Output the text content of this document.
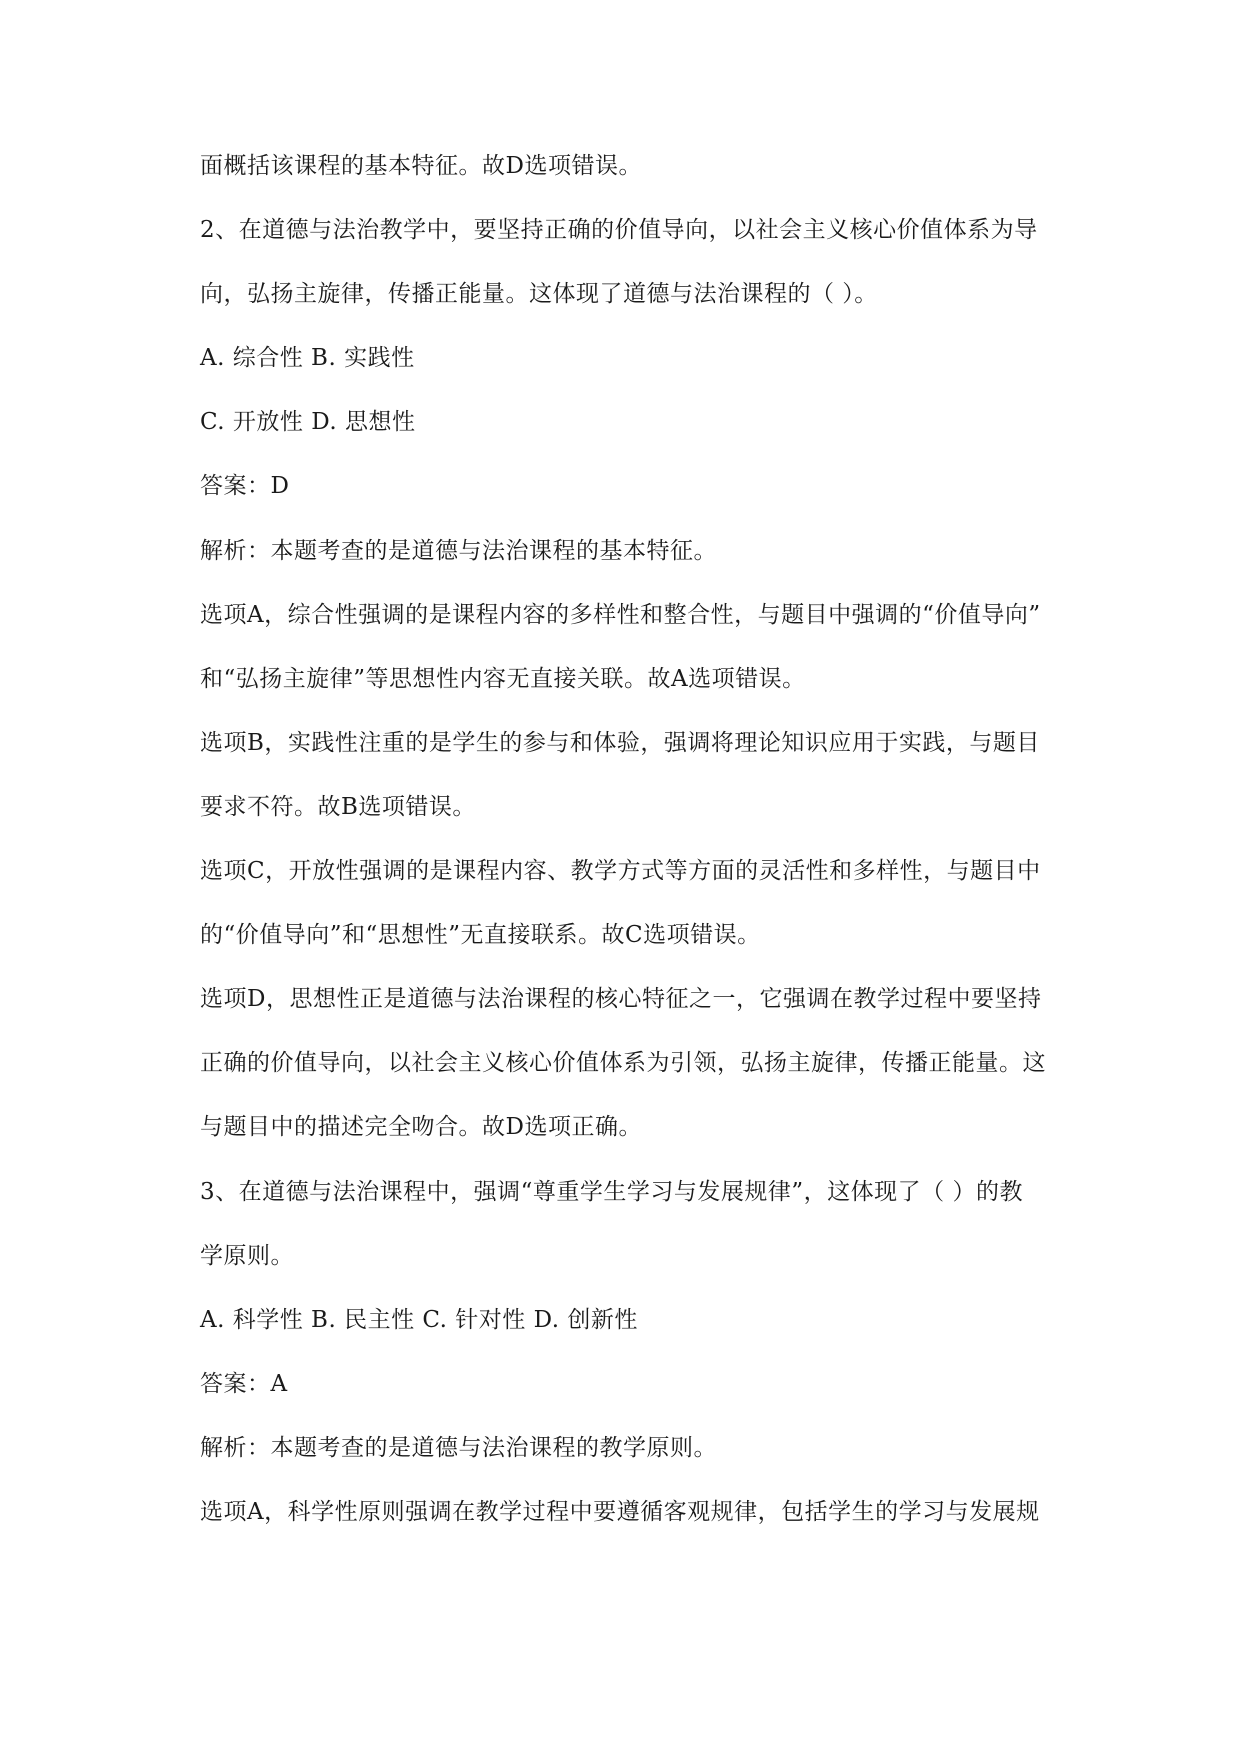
面概括该课程的基本特征。故D选项错误。
2、在道德与法治教学中，要坚持正确的价值导向，以社会主义核心价值体系为导
向，弘扬主旋律，传播正能量。这体现了道德与法治课程的（ ）。
A. 综合性 B. 实践性
C. 开放性 D. 思想性
答案：D
解析：本题考查的是道德与法治课程的基本特征。
选项A，综合性强调的是课程内容的多样性和整合性，与题目中强调的“价值导向”
和“弘扬主旋律”等思想性内容无直接关联。故A选项错误。
选项B，实践性注重的是学生的参与和体验，强调将理论知识应用于实践，与题目
要求不符。故B选项错误。
选项C，开放性强调的是课程内容、教学方式等方面的灵活性和多样性，与题目中
的“价值导向”和“思想性”无直接联系。故C选项错误。
选项D，思想性正是道德与法治课程的核心特征之一，它强调在教学过程中要坚持
正确的价值导向，以社会主义核心价值体系为引领，弘扬主旋律，传播正能量。这
与题目中的描述完全吻合。故D选项正确。
3、在道德与法治课程中，强调“尊重学生学习与发展规律”，这体现了（ ）的教
学原则。
A. 科学性 B. 民主性 C. 针对性 D. 创新性
答案：A
解析：本题考查的是道德与法治课程的教学原则。
选项A，科学性原则强调在教学过程中要遵循客观规律，包括学生的学习与发展规
